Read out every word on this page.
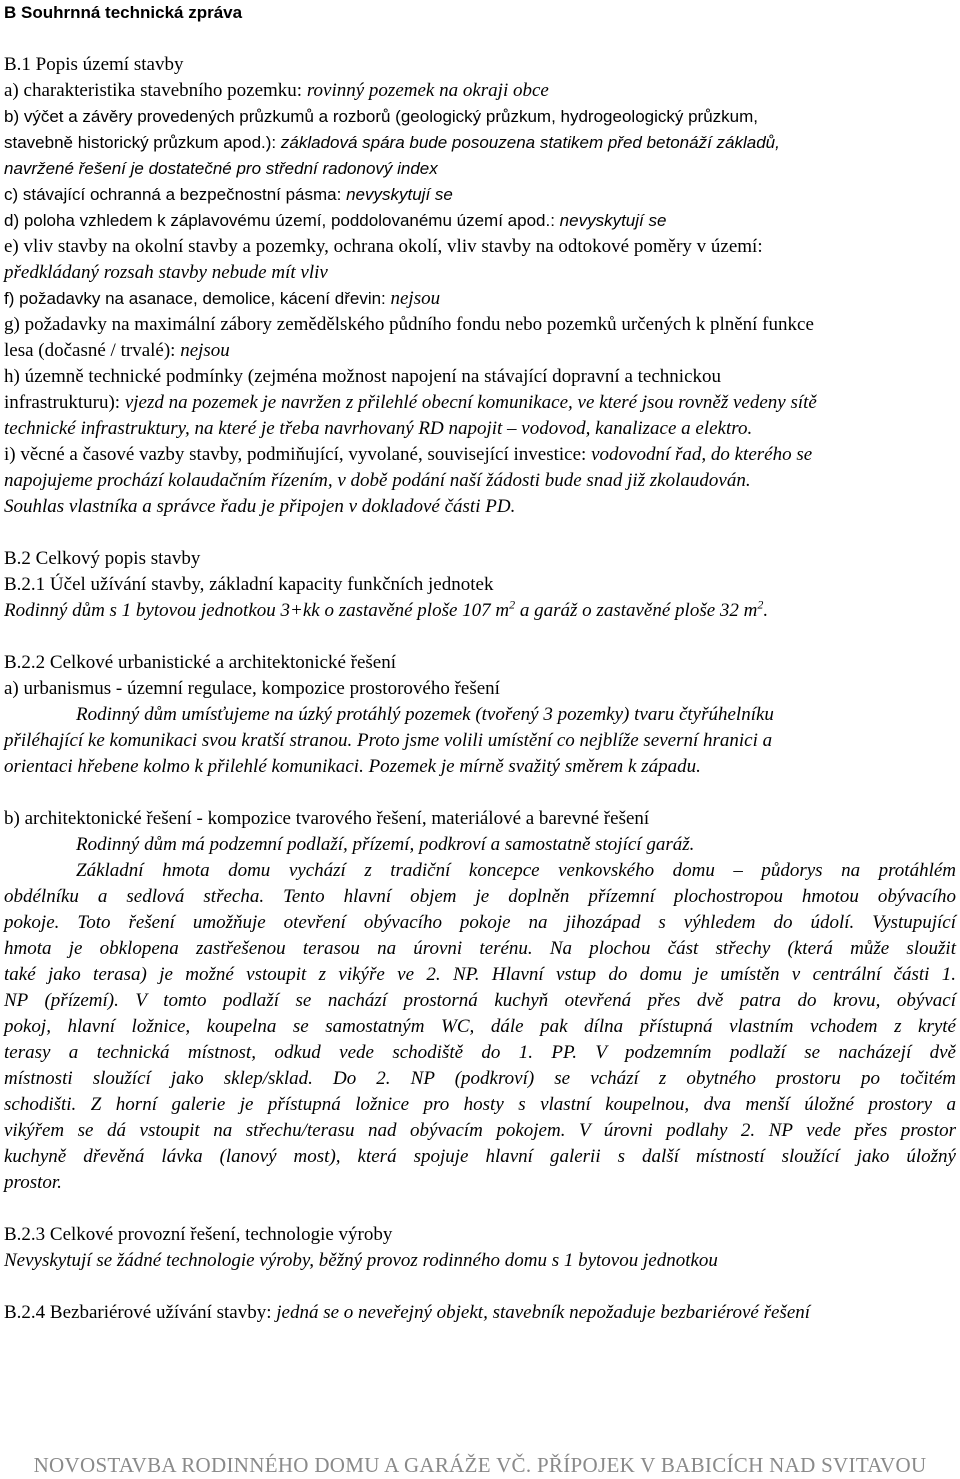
B Souhrnná technická zpráva
B.1 Popis území stavby
a) charakteristika stavebního pozemku: rovinný pozemek na okraji obce
b) výčet a závěry provedených průzkumů a rozborů (geologický průzkum, hydrogeologický průzkum,
stavebně historický průzkum apod.): základová spára bude posouzena statikem před betonáží základů,
navržené řešení je dostatečné pro střední radonový index
c) stávající ochranná a bezpečnostní pásma: nevyskytují se
d) poloha vzhledem k záplavovému území, poddolovanému území apod.: nevyskytují se
e) vliv stavby na okolní stavby a pozemky, ochrana okolí, vliv stavby na odtokové poměry v území:
předkládaný rozsah stavby nebude mít vliv
f) požadavky na asanace, demolice, kácení dřevin: nejsou
g) požadavky na maximální zábory zemědělského půdního fondu nebo pozemků určených k plnění funkce
lesa (dočasné / trvalé): nejsou
h) územně technické podmínky (zejména možnost napojení na stávající dopravní a technickou
infrastrukturu): vjezd na pozemek je navržen z přilehlé obecní komunikace, ve které jsou rovněž vedeny sítě
technické infrastruktury, na které je třeba navrhovaný RD napojit – vodovod, kanalizace a elektro.
i) věcné a časové vazby stavby, podmiňující, vyvolané, související investice: vodovodní řad, do kterého se
napojujeme prochází kolaudačním řízením, v době podání naší žádosti bude snad již zkolaudován.
Souhlas vlastníka a správce řadu je připojen v dokladové části PD.
B.2 Celkový popis stavby
B.2.1 Účel užívání stavby, základní kapacity funkčních jednotek
Rodinný dům s 1 bytovou jednotkou 3+kk o zastavěné ploše 107 $m^2$ a garáž o zastavěné ploše 32 $m^2$.
B.2.2 Celkové urbanistické a architektonické řešení
a) urbanismus - územní regulace, kompozice prostorového řešení
Rodinný dům umísťujeme na úzký protáhlý pozemek (tvořený 3 pozemky) tvaru čtyřúhelníku
přiléhající ke komunikaci svou kratší stranou. Proto jsme volili umístění co nejblíže severní hranici a
orientaci hřebene kolmo k přilehlé komunikaci. Pozemek je mírně svažitý směrem k západu.
b) architektonické řešení - kompozice tvarového řešení, materiálové a barevné řešení
Rodinný dům má podzemní podlaží, přízemí, podkroví a samostatně stojící garáž.
Základní hmota domu vychází z tradiční koncepce venkovského domu – půdorys na protáhlém
obdélníku a sedlová střecha. Tento hlavní objem je doplněn přízemní plochostropou hmotou obývacího
pokoje. Toto řešení umožňuje otevření obývacího pokoje na jihozápad s výhledem do údolí. Vystupující
hmota je obklopena zastřešenou terasou na úrovni terénu. Na plochou část střechy (která může sloužit
také jako terasa) je možné vstoupit z vikýře ve 2. NP. Hlavní vstup do domu je umístěn v centrální části 1.
NP (přízemí). V tomto podlaží se nachází prostorná kuchyň otevřená přes dvě patra do krovu, obývací
pokoj, hlavní ložnice, koupelna se samostatným WC, dále pak dílna přístupná vlastním vchodem z kryté
terasy a technická místnost, odkud vede schodiště do 1. PP. V podzemním podlaží se nacházejí dvě
místnosti sloužící jako sklep/sklad. Do 2. NP (podkroví) se vchází z obytného prostoru po točitém
schodišti. Z horní galerie je přístupná ložnice pro hosty s vlastní koupelnou, dva menší úložné prostory a
vikýřem se dá vstoupit na střechu/terasu nad obývacím pokojem. V úrovni podlahy 2. NP vede přes prostor
kuchyně dřevěná lávka (lanový most), která spojuje hlavní galerii s další místností sloužící jako úložný
prostor.
B.2.3 Celkové provozní řešení, technologie výroby
Nevyskytují se žádné technologie výroby, běžný provoz rodinného domu s 1 bytovou jednotkou
B.2.4 Bezbariérové užívání stavby: jedná se o neveřejný objekt, stavebník nepožaduje bezbariérové řešení
NOVOSTAVBA RODINNÉHO DOMU A GARÁŽE VČ. PŘÍPOJEK V BABICÍCH NAD SVITAVOU
